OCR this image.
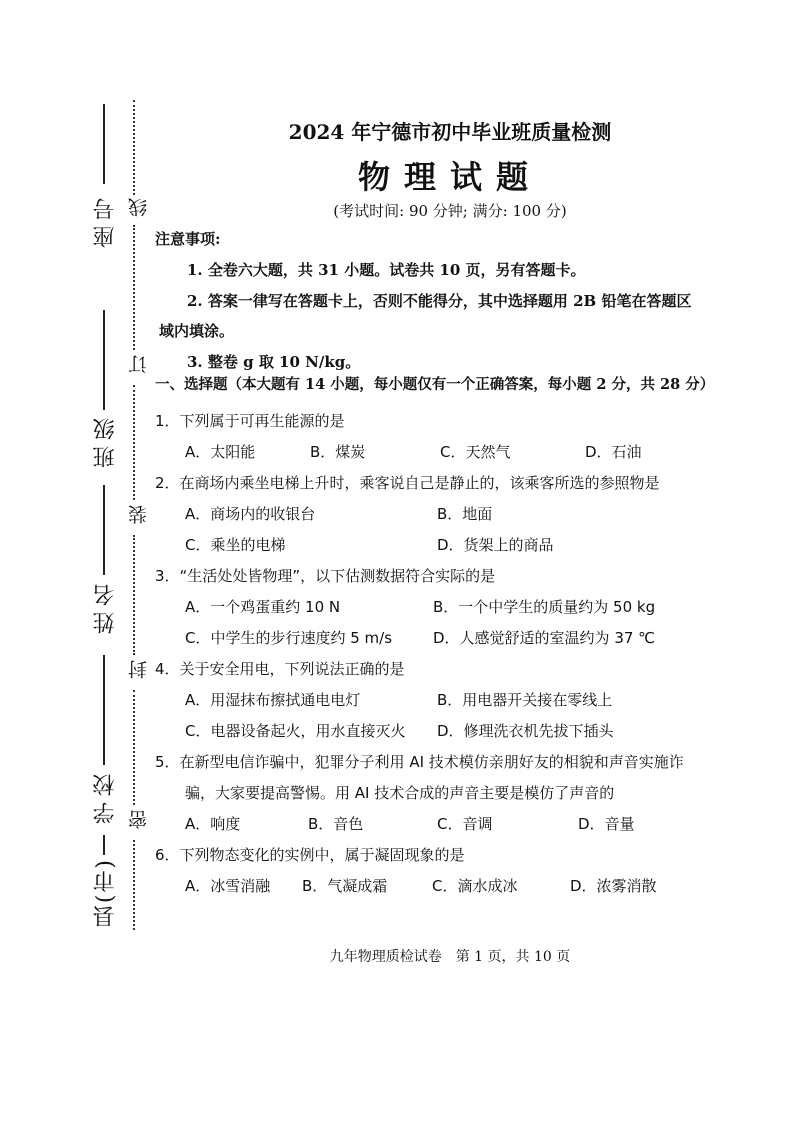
座号
班级
姓名
学校
县(市)
线
订
装
封
密
2024 年宁德市初中毕业班质量检测
物理试题
(考试时间: 90 分钟; 满分: 100 分)
注意事项:
1. 全卷六大题，共 31 小题。试卷共 10 页，另有答题卡。
2. 答案一律写在答题卡上，否则不能得分，其中选择题用 2B 铅笔在答题区
域内填涂。
3. 整卷 g 取 10 N/kg。
一、选择题（本大题有 14 小题，每小题仅有一个正确答案，每小题 2 分，共 28 分）
1．下列属于可再生能源的是
A．太阳能	B．煤炭	C．天然气	D．石油
2．在商场内乘坐电梯上升时，乘客说自己是静止的，该乘客所选的参照物是
A．商场内的收银台	B．地面
C．乘坐的电梯	D．货架上的商品
3．“生活处处皆物理”，以下估测数据符合实际的是
A．一个鸡蛋重约 10 N	B．一个中学生的质量约为 50 kg
C．中学生的步行速度约 5 m/s	D．人感觉舒适的室温约为 37 ℃
4．关于安全用电，下列说法正确的是
A．用湿抹布擦拭通电电灯	B．用电器开关接在零线上
C．电器设备起火，用水直接灭火 D．修理洗衣机先拔下插头
5．在新型电信诈骗中，犯罪分子利用 AI 技术模仿亲朋好友的相貌和声音实施诈
骗，大家要提高警惕。用 AI 技术合成的声音主要是模仿了声音的
A．响度	B．音色	C．音调	D．音量
6．下列物态变化的实例中，属于凝固现象的是
A．冰雪消融 B．气凝成霜	C．滴水成冰	D．浓雾消散
九年物理质检试卷　第 1 页，共 10 页
